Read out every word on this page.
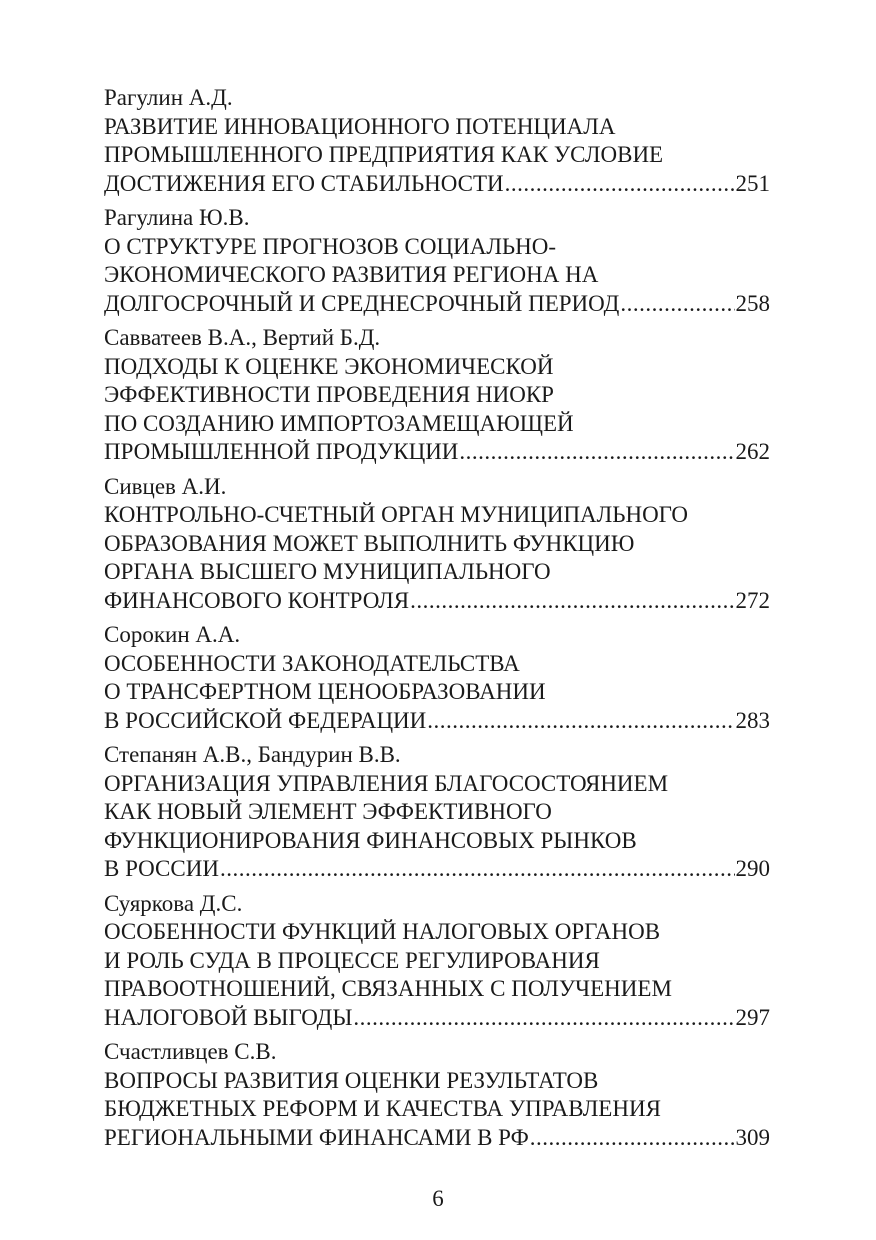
Рагулин А.Д.
РАЗВИТИЕ ИННОВАЦИОННОГО ПОТЕНЦИАЛА
ПРОМЫШЛЕННОГО ПРЕДПРИЯТИЯ КАК УСЛОВИЕ
ДОСТИЖЕНИЯ ЕГО СТАБИЛЬНОСТИ .....	251
Рагулина Ю.В.
О СТРУКТУРЕ ПРОГНОЗОВ СОЦИАЛЬНО-
ЭКОНОМИЧЕСКОГО РАЗВИТИЯ РЕГИОНА НА
ДОЛГОСРОЧНЫЙ И СРЕДНЕСРОЧНЫЙ ПЕРИОД .....	258
Савватеев В.А., Вертий Б.Д.
ПОДХОДЫ К ОЦЕНКЕ ЭКОНОМИЧЕСКОЙ
ЭФФЕКТИВНОСТИ ПРОВЕДЕНИЯ НИОКР
ПО СОЗДАНИЮ ИМПОРТОЗАМЕЩАЮЩЕЙ
ПРОМЫШЛЕННОЙ ПРОДУКЦИИ .....	262
Сивцев А.И.
КОНТРОЛЬНО-СЧЕТНЫЙ ОРГАН МУНИЦИПАЛЬНОГО
ОБРАЗОВАНИЯ МОЖЕТ ВЫПОЛНИТЬ ФУНКЦИЮ
ОРГАНА ВЫСШЕГО МУНИЦИПАЛЬНОГО
ФИНАНСОВОГО КОНТРОЛЯ .....	272
Сорокин А.А.
ОСОБЕННОСТИ ЗАКОНОДАТЕЛЬСТВА
О ТРАНСФЕРТНОМ ЦЕНООБРАЗОВАНИИ
В РОССИЙСКОЙ ФЕДЕРАЦИИ .....	283
Степанян А.В., Бандурин В.В.
ОРГАНИЗАЦИЯ УПРАВЛЕНИЯ БЛАГОСОСТОЯНИЕМ
КАК НОВЫЙ ЭЛЕМЕНТ ЭФФЕКТИВНОГО
ФУНКЦИОНИРОВАНИЯ ФИНАНСОВЫХ РЫНКОВ
В РОССИИ .....	290
Суяркова Д.С.
ОСОБЕННОСТИ ФУНКЦИЙ НАЛОГОВЫХ ОРГАНОВ
И РОЛЬ СУДА В ПРОЦЕССЕ РЕГУЛИРОВАНИЯ
ПРАВООТНОШЕНИЙ, СВЯЗАННЫХ С ПОЛУЧЕНИЕМ
НАЛОГОВОЙ ВЫГОДЫ .....	297
Счастливцев С.В.
ВОПРОСЫ РАЗВИТИЯ ОЦЕНКИ РЕЗУЛЬТАТОВ
БЮДЖЕТНЫХ РЕФОРМ И КАЧЕСТВА УПРАВЛЕНИЯ
РЕГИОНАЛЬНЫМИ ФИНАНСАМИ В РФ .....	309
6
